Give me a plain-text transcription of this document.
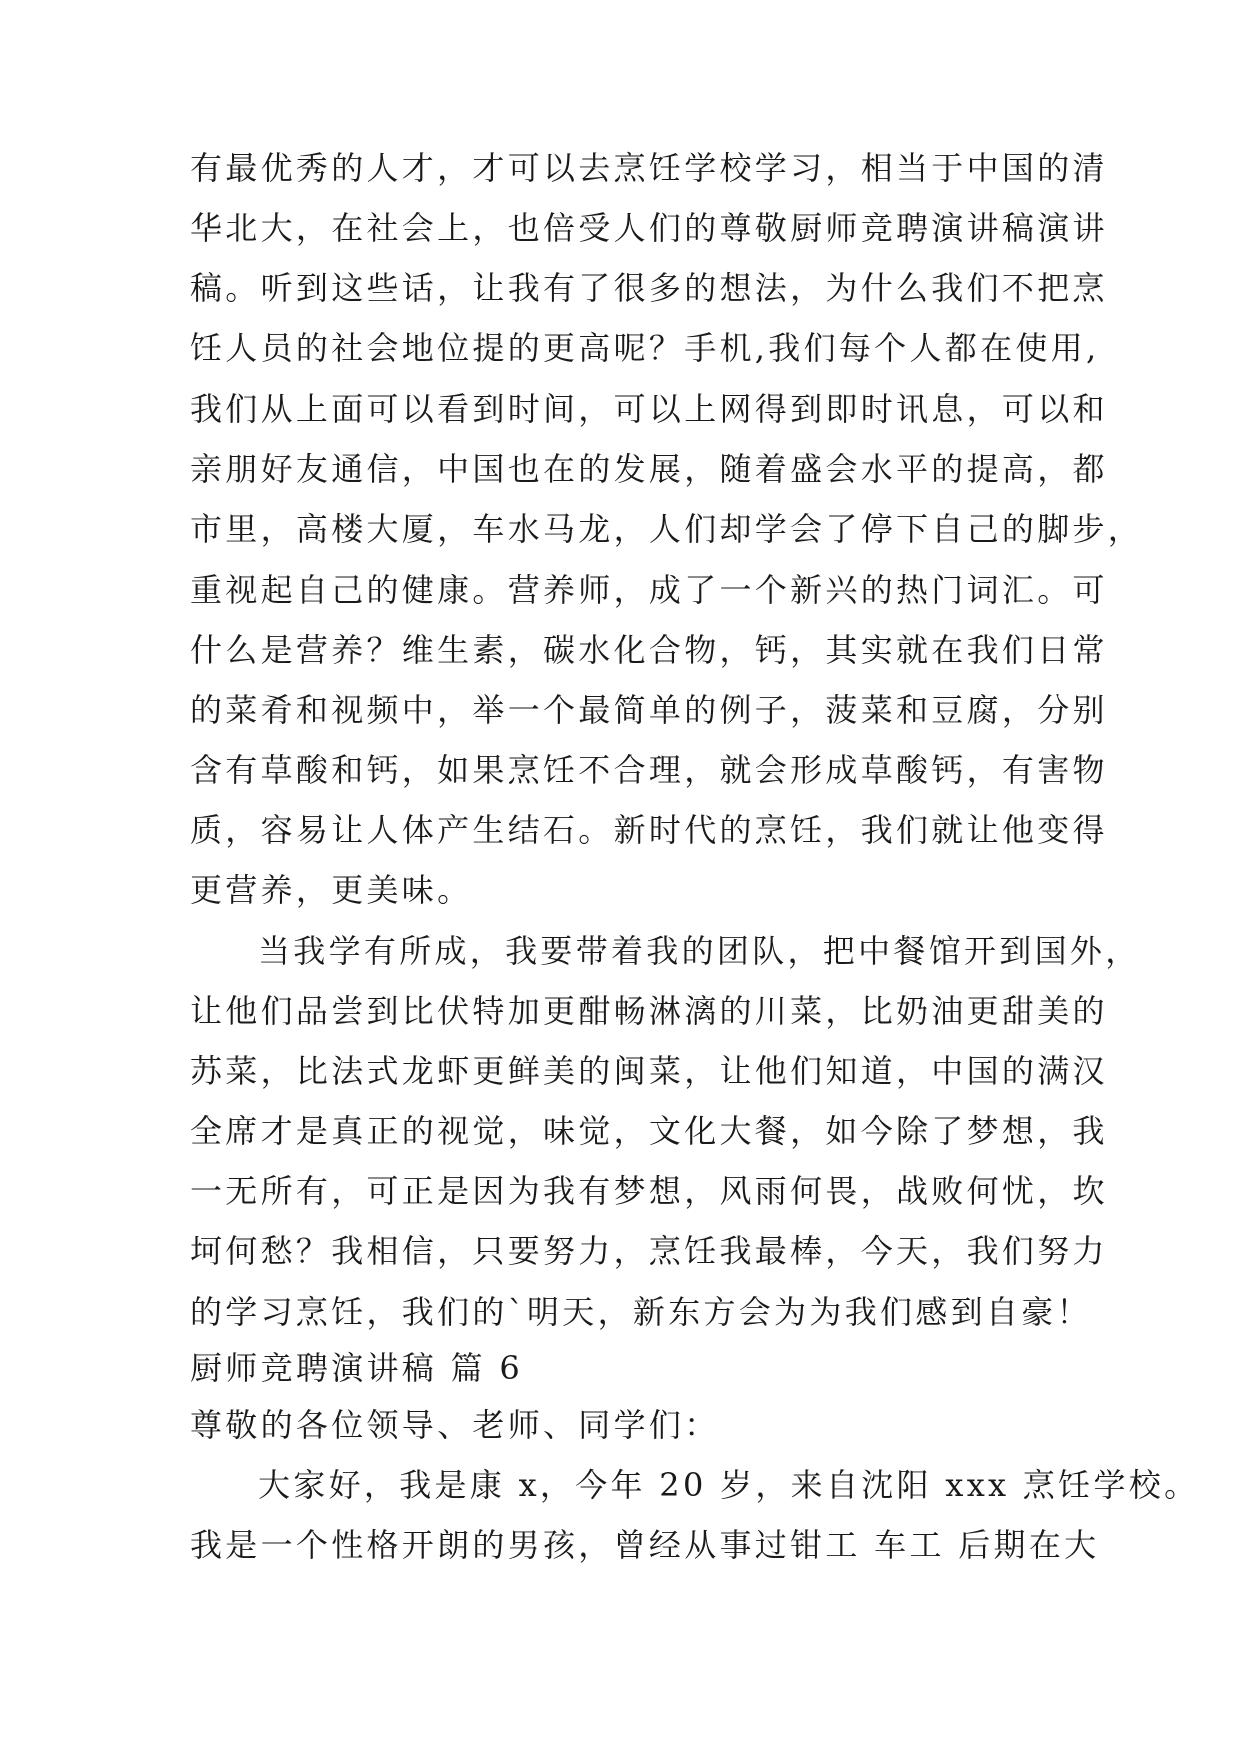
有最优秀的人才，才可以去烹饪学校学习，相当于中国的清
华北大，在社会上，也倍受人们的尊敬厨师竞聘演讲稿演讲
稿。听到这些话，让我有了很多的想法，为什么我们不把烹
饪人员的社会地位提的更高呢？手机,我们每个人都在使用,
我们从上面可以看到时间，可以上网得到即时讯息，可以和
亲朋好友通信，中国也在的发展，随着盛会水平的提高，都
市里，高楼大厦，车水马龙，人们却学会了停下自己的脚步，
重视起自己的健康。营养师，成了一个新兴的热门词汇。可
什么是营养？维生素，碳水化合物，钙，其实就在我们日常
的菜肴和视频中，举一个最简单的例子，菠菜和豆腐，分别
含有草酸和钙，如果烹饪不合理，就会形成草酸钙，有害物
质，容易让人体产生结石。新时代的烹饪，我们就让他变得
更营养，更美味。
当我学有所成，我要带着我的团队，把中餐馆开到国外，
让他们品尝到比伏特加更酣畅淋漓的川菜，比奶油更甜美的
苏菜，比法式龙虾更鲜美的闽菜，让他们知道，中国的满汉
全席才是真正的视觉，味觉，文化大餐，如今除了梦想，我
一无所有，可正是因为我有梦想，风雨何畏，战败何忧，坎
坷何愁？我相信，只要努力，烹饪我最棒，今天，我们努力
的学习烹饪，我们的`明天，新东方会为为我们感到自豪！
厨师竞聘演讲稿 篇 6
尊敬的各位领导、老师、同学们：
大家好，我是康 x，今年 20 岁，来自沈阳 xxx 烹饪学校。
我是一个性格开朗的男孩，曾经从事过钳工 车工 后期在大
